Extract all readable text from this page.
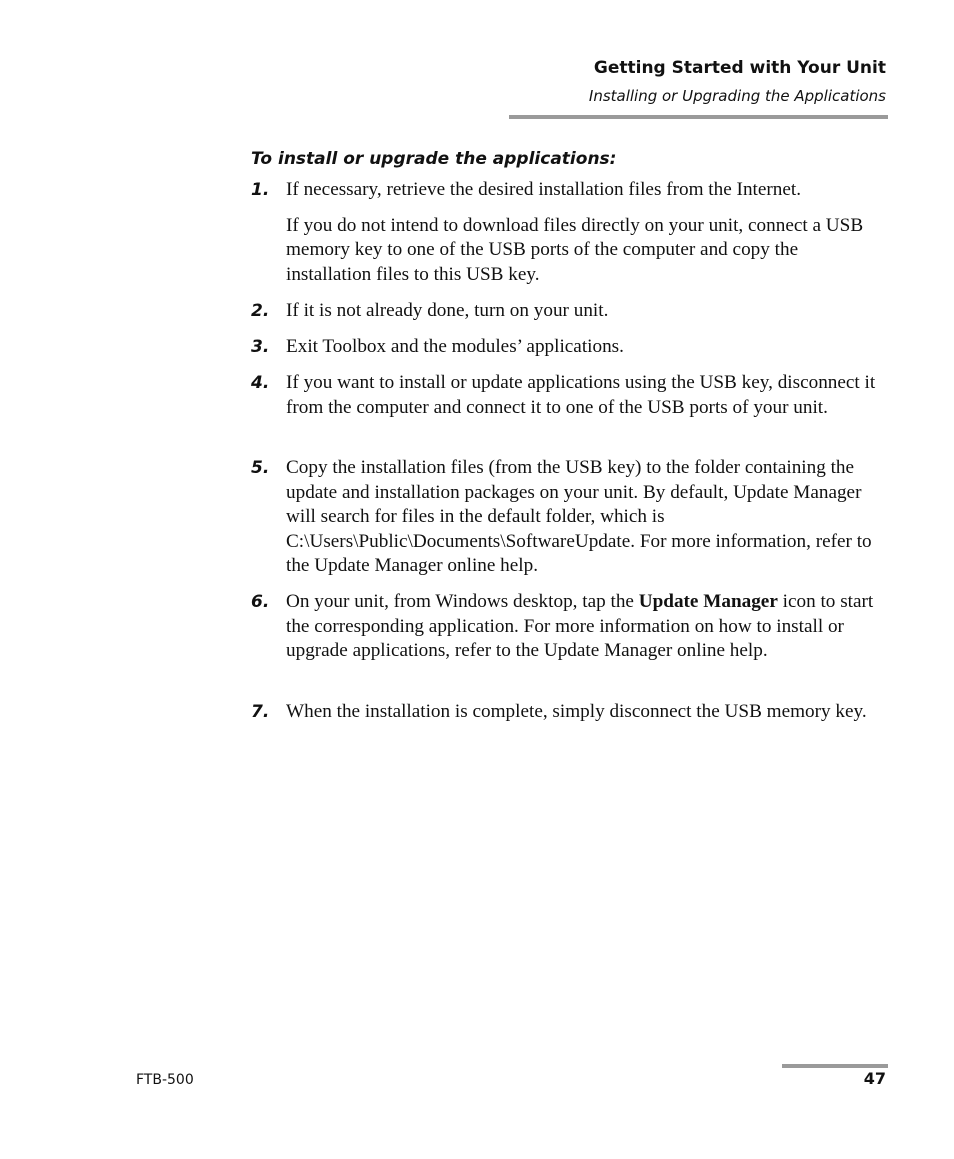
Getting Started with Your Unit
Installing or Upgrading the Applications
To install or upgrade the applications:
1. If necessary, retrieve the desired installation files from the Internet.

If you do not intend to download files directly on your unit, connect a USB memory key to one of the USB ports of the computer and copy the installation files to this USB key.

2. If it is not already done, turn on your unit.

3. Exit Toolbox and the modules’ applications.

4. If you want to install or update applications using the USB key, disconnect it from the computer and connect it to one of the USB ports of your unit.

5. Copy the installation files (from the USB key) to the folder containing the update and installation packages on your unit. By default, Update Manager will search for files in the default folder, which is C:\Users\Public\Documents\SoftwareUpdate. For more information, refer to the Update Manager online help.

6. On your unit, from Windows desktop, tap the Update Manager icon to start the corresponding application. For more information on how to install or upgrade applications, refer to the Update Manager online help.

7. When the installation is complete, simply disconnect the USB memory key.

FTB-500	47
